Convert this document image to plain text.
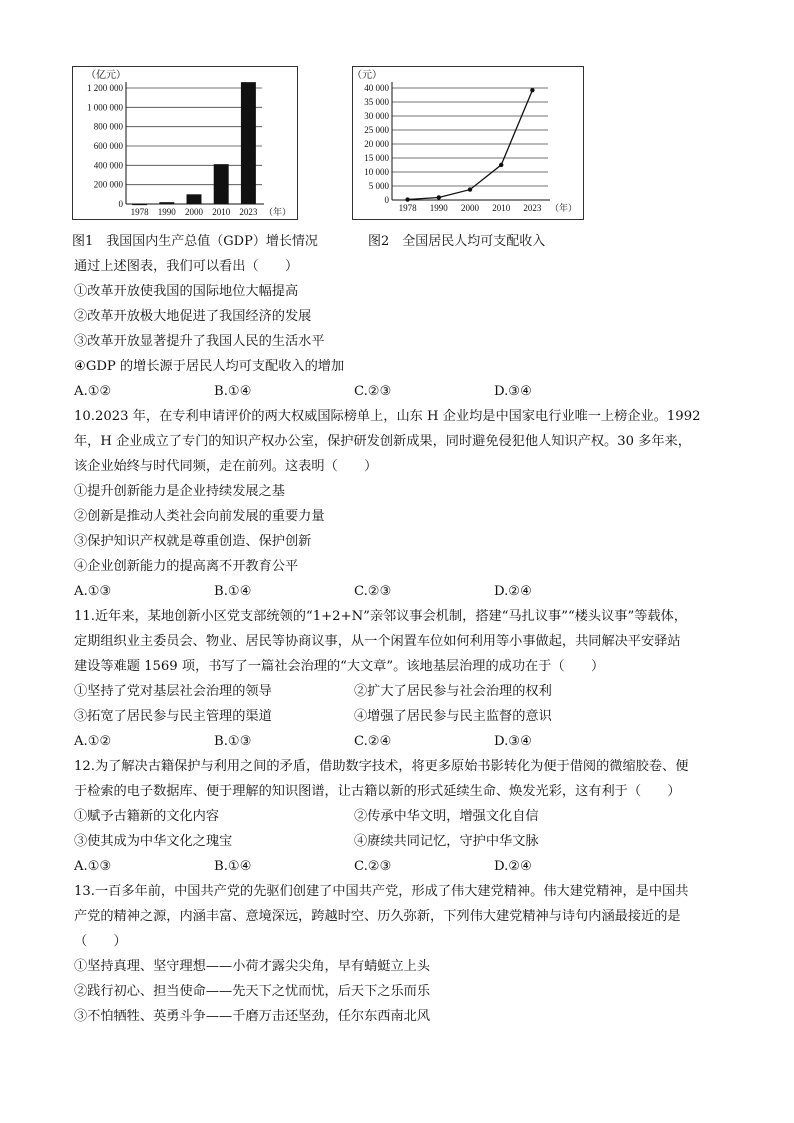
0
200 000
400 000
600 000
800 000
1 000 000
1 200 000
（亿元）
1978 1990 2000 2010 2023 （年）
0
5 000
10 000
15 000
20 000
25 000
30 000
35 000
40 000
（元）
1978 1990 2000 2010 2023 （年）
图1　我国国内生产总值（GDP）增长情况	图2　全国居民人均可支配收入
通过上述图表，我们可以看出（　　）
①改革开放使我国的国际地位大幅提高
②改革开放极大地促进了我国经济的发展
③改革开放显著提升了我国人民的生活水平
④GDP 的增长源于居民人均可支配收入的增加
A.①②	B.①④	C.②③	D.③④
10.2023 年，在专利申请评价的两大权威国际榜单上，山东 H 企业均是中国家电行业唯一上榜企业。1992
年，H 企业成立了专门的知识产权办公室，保护研发创新成果，同时避免侵犯他人知识产权。30 多年来，
该企业始终与时代同频，走在前列。这表明（　　）
①提升创新能力是企业持续发展之基
②创新是推动人类社会向前发展的重要力量
③保护知识产权就是尊重创造、保护创新
④企业创新能力的提高离不开教育公平
A.①③	B.①④	C.②③	D.②④
11.近年来，某地创新小区党支部统领的“1+2+N”亲邻议事会机制，搭建“马扎议事”“楼头议事”等载体，
定期组织业主委员会、物业、居民等协商议事，从一个闲置车位如何利用等小事做起，共同解决平安驿站
建设等难题 1569 项，书写了一篇社会治理的“大文章”。该地基层治理的成功在于（　　）
①坚持了党对基层社会治理的领导	②扩大了居民参与社会治理的权利
③拓宽了居民参与民主管理的渠道	④增强了居民参与民主监督的意识
A.①②	B.①③	C.②④	D.③④
12.为了解决古籍保护与利用之间的矛盾，借助数字技术，将更多原始书影转化为便于借阅的微缩胶卷、便
于检索的电子数据库、便于理解的知识图谱，让古籍以新的形式延续生命、焕发光彩，这有利于（　　）
①赋予古籍新的文化内容	②传承中华文明，增强文化自信
③使其成为中华文化之瑰宝	④赓续共同记忆，守护中华文脉
A.①③	B.①④	C.②③	D.②④
13.一百多年前，中国共产党的先驱们创建了中国共产党，形成了伟大建党精神。伟大建党精神，是中国共
产党的精神之源，内涵丰富、意境深远，跨越时空、历久弥新，下列伟大建党精神与诗句内涵最接近的是
（　　）
①坚持真理、坚守理想——小荷才露尖尖角，早有蜻蜓立上头
②践行初心、担当使命——先天下之忧而忧，后天下之乐而乐
③不怕牺牲、英勇斗争——千磨万击还坚劲，任尔东西南北风
